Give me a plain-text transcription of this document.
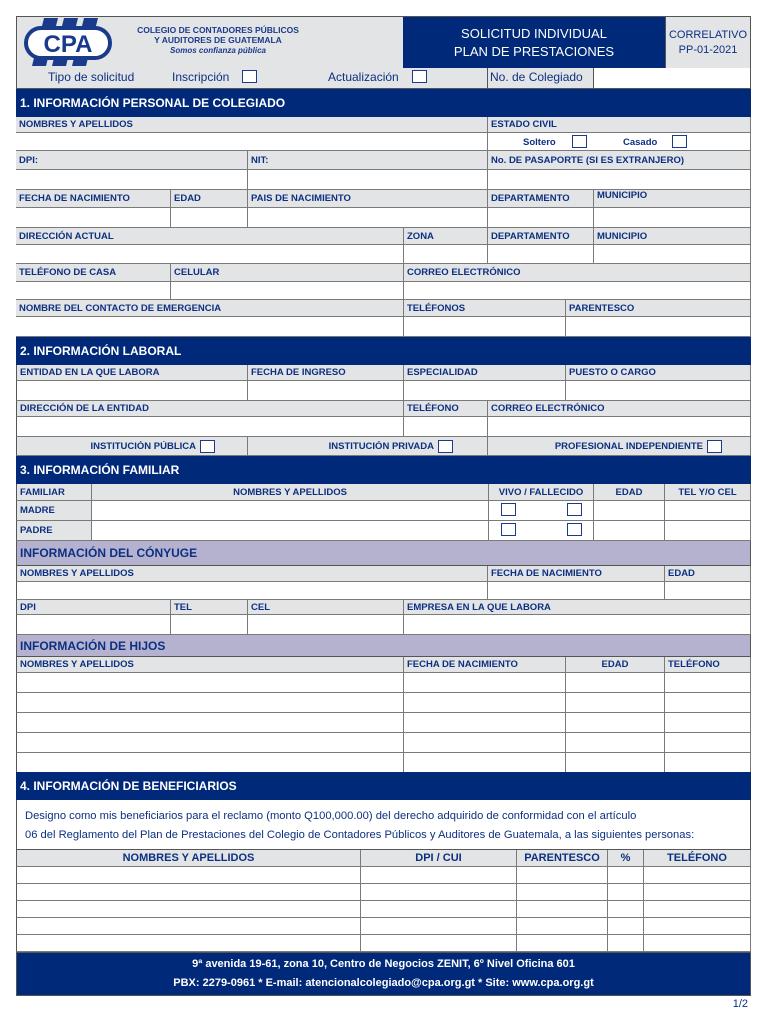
CPA
COLEGIO DE CONTADORES PÚBLICOS
Y AUDITORES DE GUATEMALA
Somos confianza pública
SOLICITUD INDIVIDUAL
PLAN DE PRESTACIONES
CORRELATIVO
PP-01-2021
Tipo de solicitud	Inscripción	Actualización	No. de Colegiado
1. INFORMACIÓN PERSONAL DE COLEGIADO
NOMBRES Y APELLIDOS	ESTADO CIVIL
Soltero	Casado
DPI:	NIT:	No. DE PASAPORTE (SI ES EXTRANJERO)
FECHA DE NACIMIENTO	EDAD	PAIS DE NACIMIENTO	DEPARTAMENTO	MUNICIPIO
DIRECCIÓN ACTUAL	ZONA	DEPARTAMENTO	MUNICIPIO
TELÉFONO DE CASA	CELULAR	CORREO ELECTRÓNICO
NOMBRE DEL CONTACTO DE EMERGENCIA	TELÉFONOS	PARENTESCO
2. INFORMACIÓN LABORAL
ENTIDAD EN LA QUE LABORA	FECHA DE INGRESO	ESPECIALIDAD	PUESTO O CARGO
DIRECCIÓN DE LA ENTIDAD	TELÉFONO	CORREO ELECTRÓNICO
INSTITUCIÓN PÚBLICA	INSTITUCIÓN PRIVADA	PROFESIONAL INDEPENDIENTE
3. INFORMACIÓN FAMILIAR
FAMILIAR	NOMBRES Y APELLIDOS	VIVO / FALLECIDO	EDAD	TEL Y/O CEL
MADRE
PADRE
INFORMACIÓN DEL CÓNYUGE
NOMBRES Y APELLIDOS	FECHA DE NACIMIENTO	EDAD
DPI	TEL	CEL	EMPRESA EN LA QUE LABORA
INFORMACIÓN DE HIJOS
NOMBRES Y APELLIDOS	FECHA DE NACIMIENTO	EDAD	TELÉFONO
4. INFORMACIÓN DE BENEFICIARIOS
Designo como mis beneficiarios para el reclamo (monto Q100,000.00) del derecho adquirido de conformidad con el artículo
06 del Reglamento del Plan de Prestaciones del Colegio de Contadores Públicos y Auditores de Guatemala, a las siguientes personas:
NOMBRES Y APELLIDOS	DPI / CUI	PARENTESCO	%	TELÉFONO
9ª avenida 19-61, zona 10, Centro de Negocios ZENIT, 6º Nivel Oficina 601
PBX: 2279-0961 * E-mail: atencionalcolegiado@cpa.org.gt * Site: www.cpa.org.gt
1/2
